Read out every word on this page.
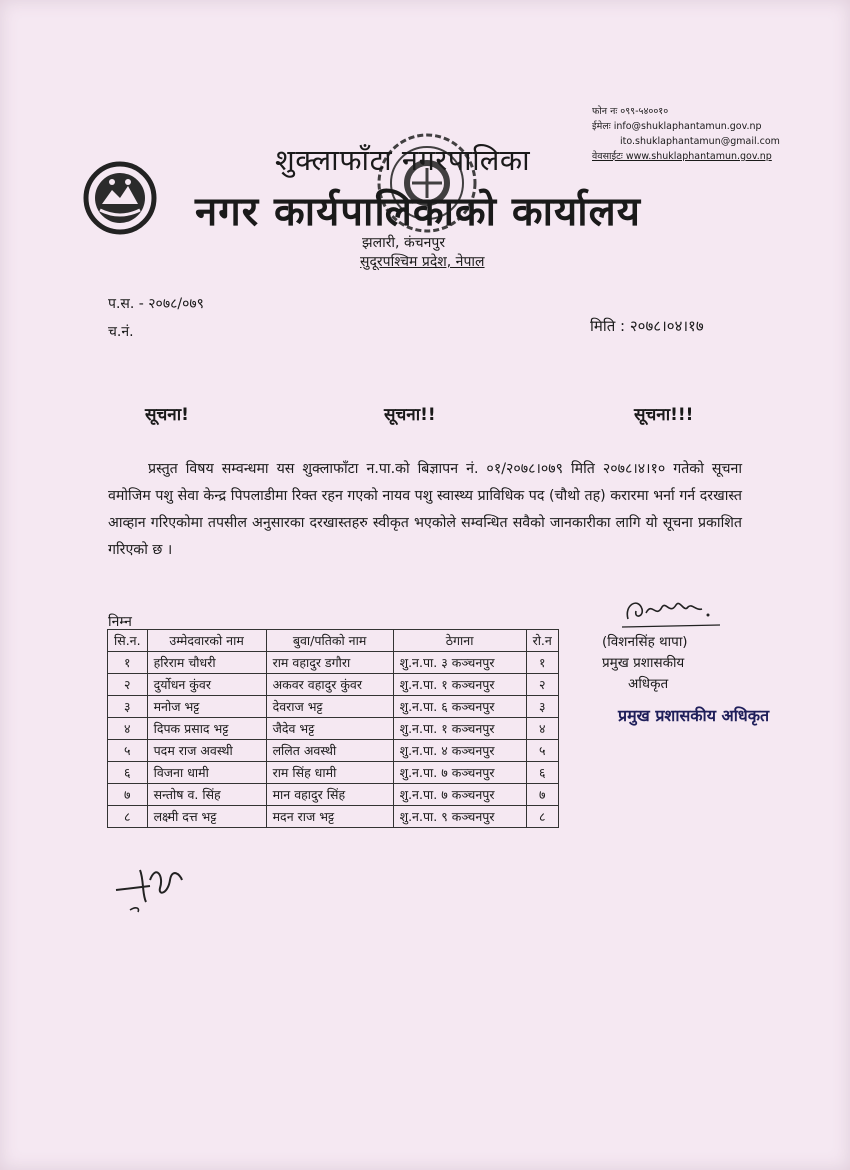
शुक्लाफाँटा नगरपालिका
नगर कार्यपालिकाको कार्यालय
झलारी, कंचनपुर
सुदूरपश्चिम प्रदेश, नेपाल
फोन नः ०९९-५४००१०
ईमेलः info@shuklaphantamun.gov.np
ito.shuklaphantamun@gmail.com
वेवसाईटः www.shuklaphantamun.gov.np
प.स. - २०७८/०७९
च.नं.	मिति : २०७८।०४।१७
सूचना!	सूचना!!	सूचना!!!
प्रस्तुत विषय सम्वन्धमा यस शुक्लाफाँटा न.पा.को बिज्ञापन नं. ०१/२०७८।०७९ मिति २०७८।४।१० गतेको सूचना वमोजिम पशु सेवा केन्द्र पिपलाडीमा रिक्त रहन गएको नायव पशु स्वास्थ्य प्राविधिक पद (चौथो तह) करारमा भर्ना गर्न दरखास्त आव्हान गरिएकोमा तपसील अनुसारका दरखास्तहरु स्वीकृत भएकोले सम्वन्धित सवैको जानकारीका लागि यो सूचना प्रकाशित गरिएको छ ।
निम्न
सि.न.	उम्मेदवारको नाम	बुवा/पतिको नाम	ठेगाना	रो.न
१	हरिराम चौधरी	राम वहादुर डगौरा	शु.न.पा. ३ कञ्चनपुर	१
२	दुर्योधन कुंवर	अकवर वहादुर कुंवर	शु.न.पा. १ कञ्चनपुर	२
३	मनोज भट्ट	देवराज भट्ट	शु.न.पा. ६ कञ्चनपुर	३
४	दिपक प्रसाद भट्ट	जैदेव भट्ट	शु.न.पा. १ कञ्चनपुर	४
५	पदम राज अवस्थी	ललित अवस्थी	शु.न.पा. ४ कञ्चनपुर	५
६	विजना धामी	राम सिंह धामी	शु.न.पा. ७ कञ्चनपुर	६
७	सन्तोष व. सिंह	मान वहादुर सिंह	शु.न.पा. ७ कञ्चनपुर	७
८	लक्ष्मी दत्त भट्ट	मदन राज भट्ट	शु.न.पा. ९ कञ्चनपुर	८
(विशनसिंह थापा)
प्रमुख प्रशासकीय
अधिकृत
प्रमुख प्रशासकीय अधिकृत
